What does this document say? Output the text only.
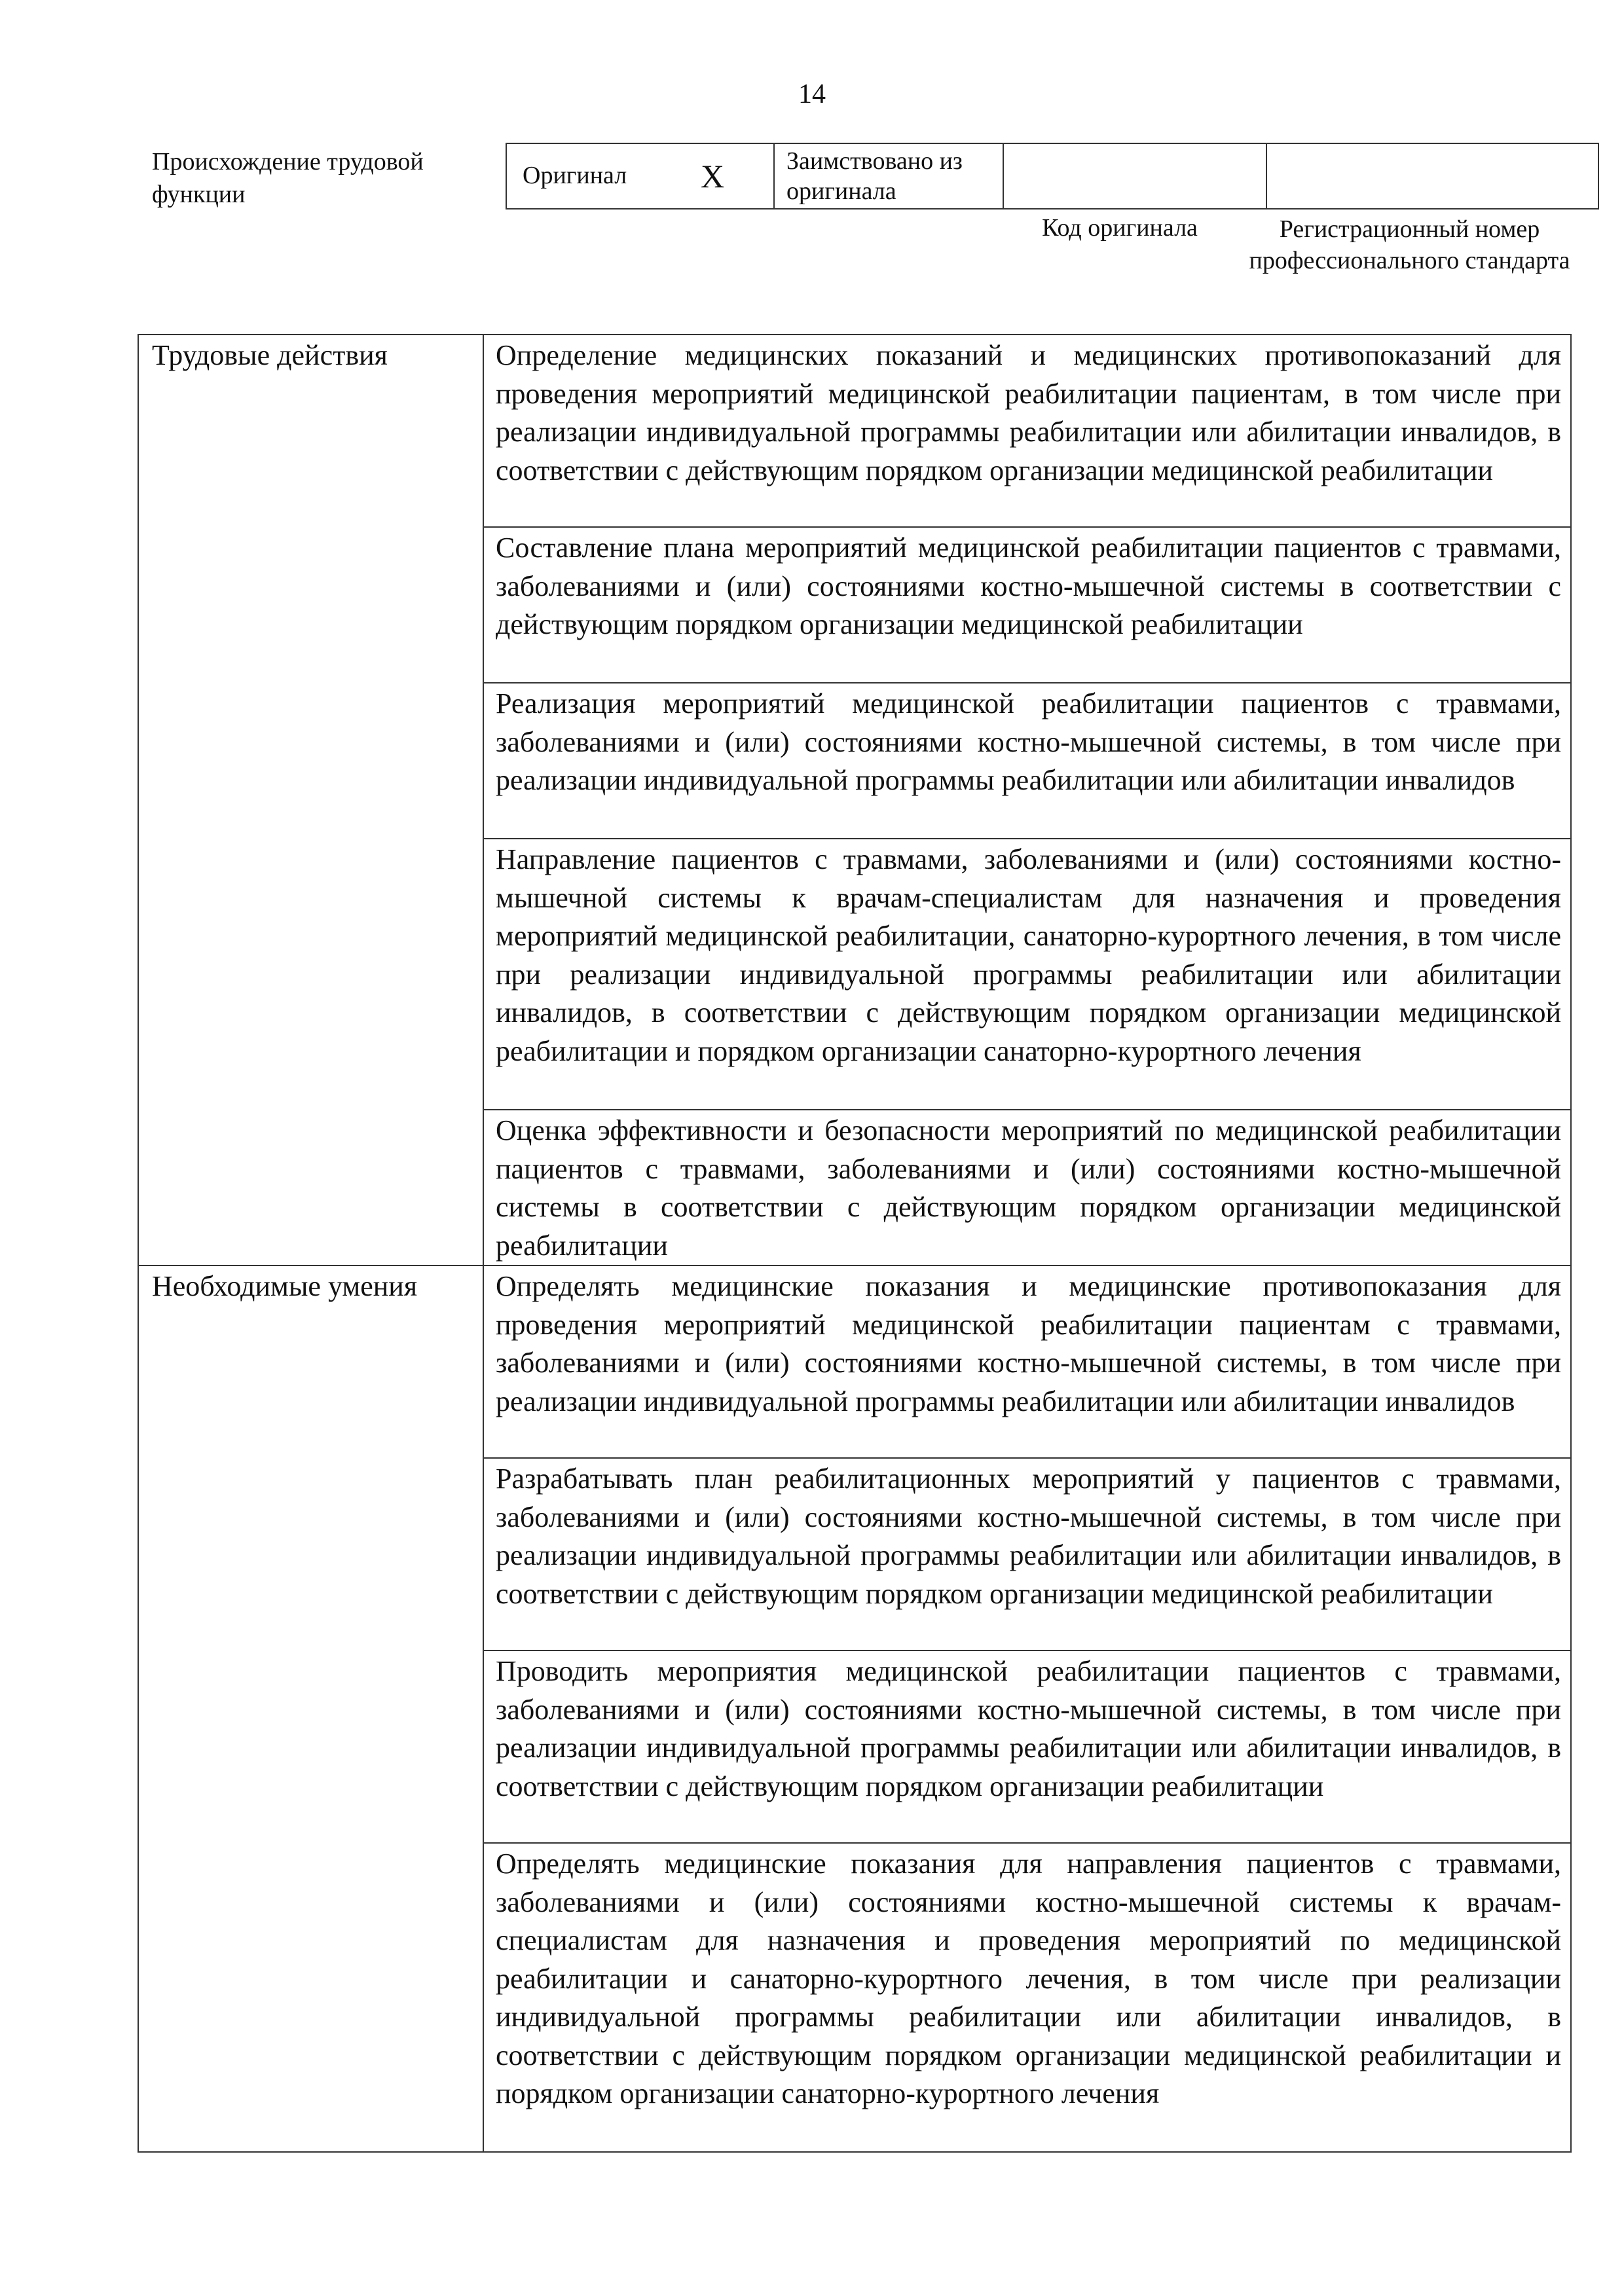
14
Происхождение трудовой функции
Оригинал X	Заимствовано из оригинала		
Код оригинала	Регистрационный номер профессионального стандарта
Трудовые действия	Определение медицинских показаний и медицинских противопоказаний для проведения мероприятий медицинской реабилитации пациентам, в том числе при реализации индивидуальной программы реабилитации или абилитации инвалидов, в соответствии с действующим порядком организации медицинской реабилитации
	Составление плана мероприятий медицинской реабилитации пациентов с травмами, заболеваниями и (или) состояниями костно-мышечной системы в соответствии с действующим порядком организации медицинской реабилитации
	Реализация мероприятий медицинской реабилитации пациентов с травмами, заболеваниями и (или) состояниями костно-мышечной системы, в том числе при реализации индивидуальной программы реабилитации или абилитации инвалидов
	Направление пациентов с травмами, заболеваниями и (или) состояниями костно-мышечной системы к врачам-специалистам для назначения и проведения мероприятий медицинской реабилитации, санаторно-курортного лечения, в том числе при реализации индивидуальной программы реабилитации или абилитации инвалидов, в соответствии с действующим порядком организации медицинской реабилитации и порядком организации санаторно-курортного лечения
	Оценка эффективности и безопасности мероприятий по медицинской реабилитации пациентов с травмами, заболеваниями и (или) состояниями костно-мышечной системы в соответствии с действующим порядком организации медицинской реабилитации
Необходимые умения	Определять медицинские показания и медицинские противопоказания для проведения мероприятий медицинской реабилитации пациентам с травмами, заболеваниями и (или) состояниями костно-мышечной системы, в том числе при реализации индивидуальной программы реабилитации или абилитации инвалидов
	Разрабатывать план реабилитационных мероприятий у пациентов с травмами, заболеваниями и (или) состояниями костно-мышечной системы, в том числе при реализации индивидуальной программы реабилитации или абилитации инвалидов, в соответствии с действующим порядком организации медицинской реабилитации
	Проводить мероприятия медицинской реабилитации пациентов с травмами, заболеваниями и (или) состояниями костно-мышечной системы, в том числе при реализации индивидуальной программы реабилитации или абилитации инвалидов, в соответствии с действующим порядком организации реабилитации
	Определять медицинские показания для направления пациентов с травмами, заболеваниями и (или) состояниями костно-мышечной системы к врачам-специалистам для назначения и проведения мероприятий по медицинской реабилитации и санаторно-курортного лечения, в том числе при реализации индивидуальной программы реабилитации или абилитации инвалидов, в соответствии с действующим порядком организации медицинской реабилитации и порядком организации санаторно-курортного лечения
